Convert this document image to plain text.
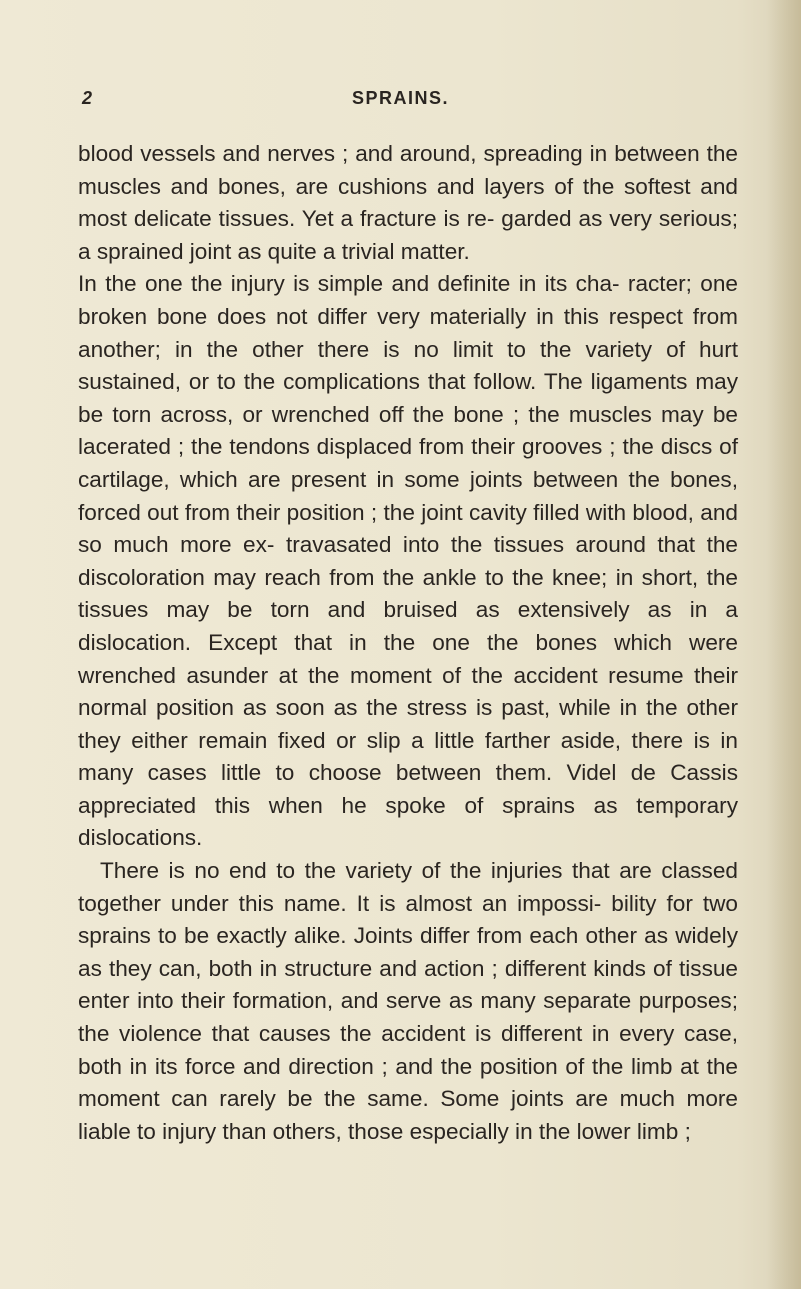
2	SPRAINS.

blood vessels and nerves ; and around, spreading in between the muscles and bones, are cushions and layers of the softest and most delicate tissues. Yet a fracture is re- garded as very serious; a sprained joint as quite a trivial matter.

In the one the injury is simple and definite in its cha- racter; one broken bone does not differ very materially in this respect from another; in the other there is no limit to the variety of hurt sustained, or to the complications that follow. The ligaments may be torn across, or wrenched off the bone ; the muscles may be lacerated ; the tendons displaced from their grooves ; the discs of cartilage, which are present in some joints between the bones, forced out from their position ; the joint cavity filled with blood, and so much more ex- travasated into the tissues around that the discoloration may reach from the ankle to the knee; in short, the tissues may be torn and bruised as extensively as in a dislocation. Except that in the one the bones which were wrenched asunder at the moment of the accident resume their normal position as soon as the stress is past, while in the other they either remain fixed or slip a little farther aside, there is in many cases little to choose between them. Videl de Cassis appreciated this when he spoke of sprains as temporary dislocations.

There is no end to the variety of the injuries that are classed together under this name. It is almost an impossi- bility for two sprains to be exactly alike. Joints differ from each other as widely as they can, both in structure and action ; different kinds of tissue enter into their formation, and serve as many separate purposes; the violence that causes the accident is different in every case, both in its force and direction ; and the position of the limb at the moment can rarely be the same. Some joints are much more liable to injury than others, those especially in the lower limb ;
